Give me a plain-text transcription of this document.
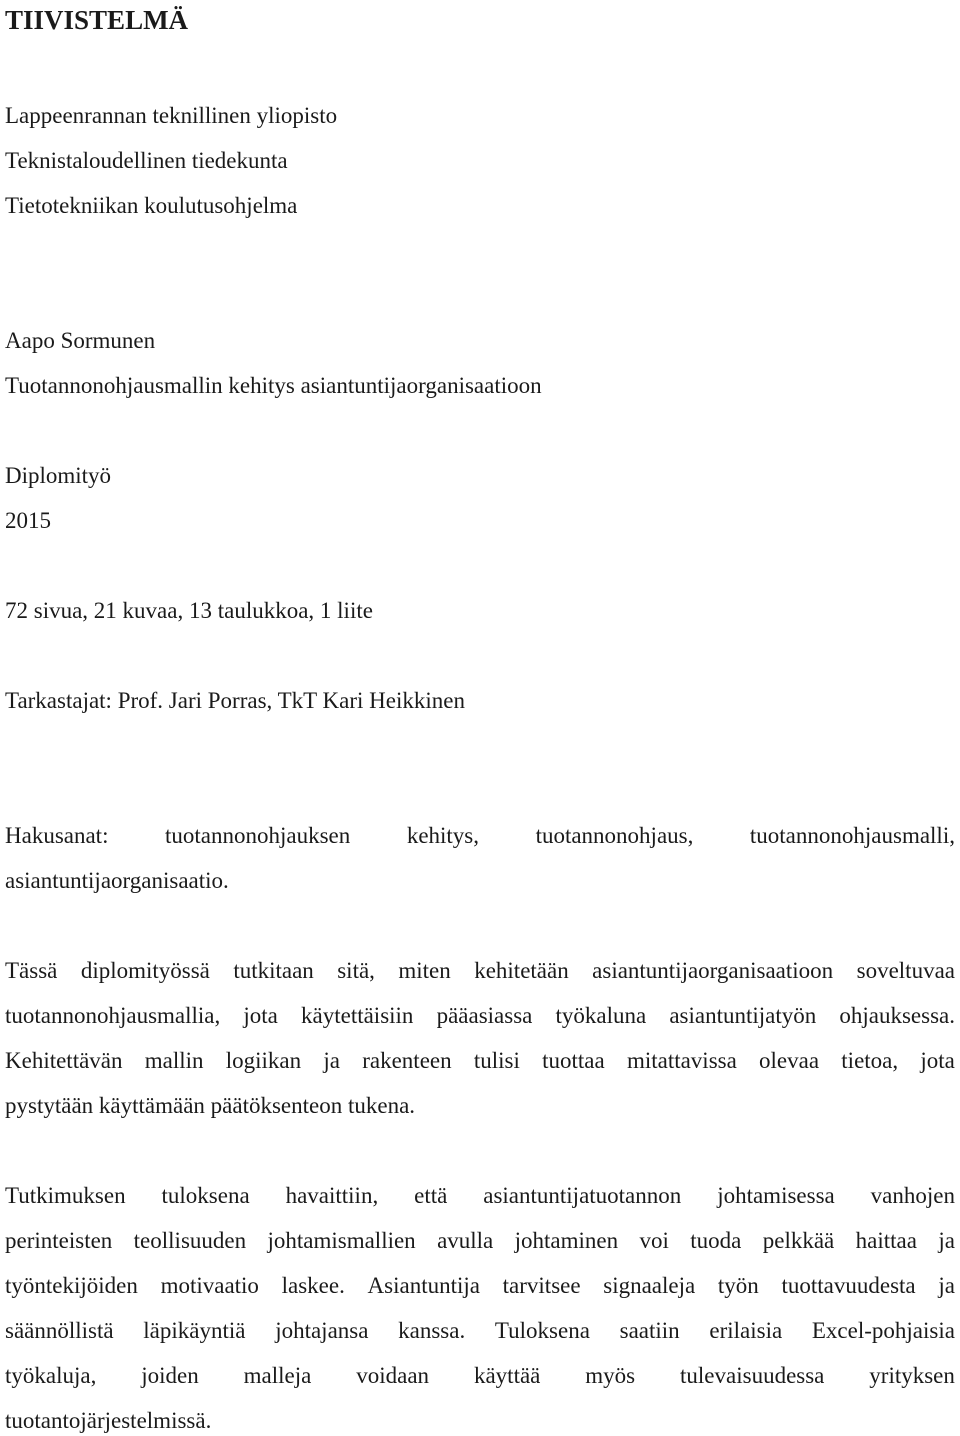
TIIVISTELMÄ
Lappeenrannan teknillinen yliopisto
Teknistaloudellinen tiedekunta
Tietotekniikan koulutusohjelma
Aapo Sormunen
Tuotannonohjausmallin kehitys asiantuntijaorganisaatioon
Diplomityö
2015
72 sivua, 21 kuvaa, 13 taulukkoa, 1 liite
Tarkastajat: Prof. Jari Porras, TkT Kari Heikkinen
Hakusanat: tuotannonohjauksen kehitys, tuotannonohjaus, tuotannonohjausmalli,
asiantuntijaorganisaatio.
Tässä diplomityössä tutkitaan sitä, miten kehitetään asiantuntijaorganisaatioon soveltuvaa
tuotannonohjausmallia, jota käytettäisiin pääasiassa työkaluna asiantuntijatyön ohjauksessa.
Kehitettävän mallin logiikan ja rakenteen tulisi tuottaa mitattavissa olevaa tietoa, jota
pystytään käyttämään päätöksenteon tukena.
Tutkimuksen tuloksena havaittiin, että asiantuntijatuotannon johtamisessa vanhojen
perinteisten teollisuuden johtamismallien avulla johtaminen voi tuoda pelkkää haittaa ja
työntekijöiden motivaatio laskee. Asiantuntija tarvitsee signaaleja työn tuottavuudesta ja
säännöllistä läpikäyntiä johtajansa kanssa. Tuloksena saatiin erilaisia Excel-pohjaisia
työkaluja, joiden malleja voidaan käyttää myös tulevaisuudessa yrityksen
tuotantojärjestelmissä.
